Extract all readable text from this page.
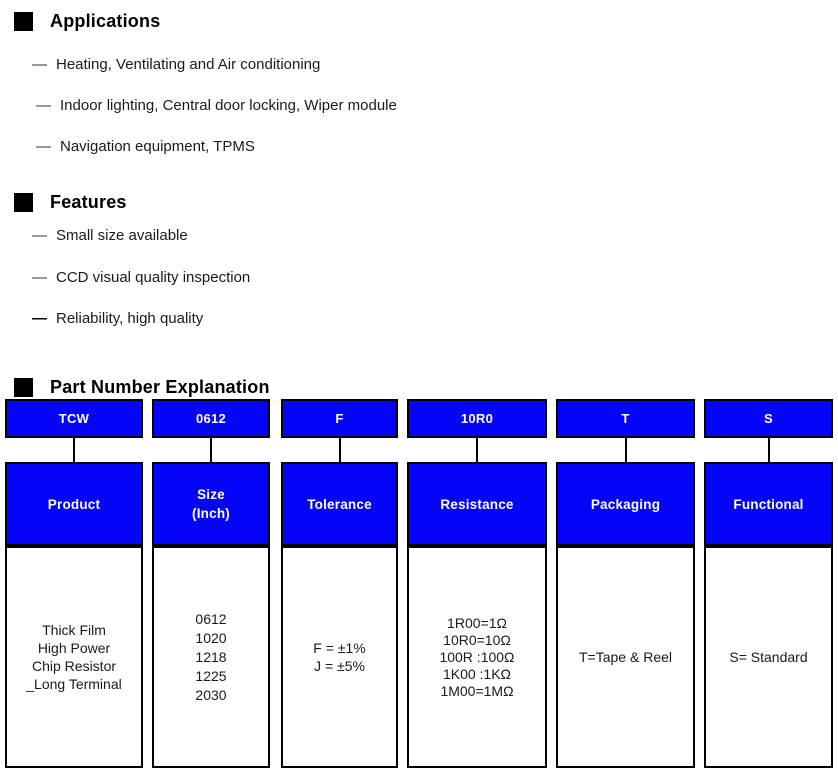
Applications
— Heating, Ventilating and Air conditioning
— Indoor lighting, Central door locking, Wiper module
— Navigation equipment, TPMS
Features
— Small size available
— CCD visual quality inspection
— Reliability, high quality
Part Number Explanation
TCW
Product
Thick Film
High Power
Chip Resistor
_Long Terminal
0612
Size
(Inch)
0612
1020
1218
1225
2030
F
Tolerance
F = ±1%
J = ±5%
10R0
Resistance
1R00=1Ω
10R0=10Ω
100R :100Ω
1K00 :1KΩ
1M00=1MΩ
T
Packaging
T=Tape & Reel
S
Functional
S= Standard
